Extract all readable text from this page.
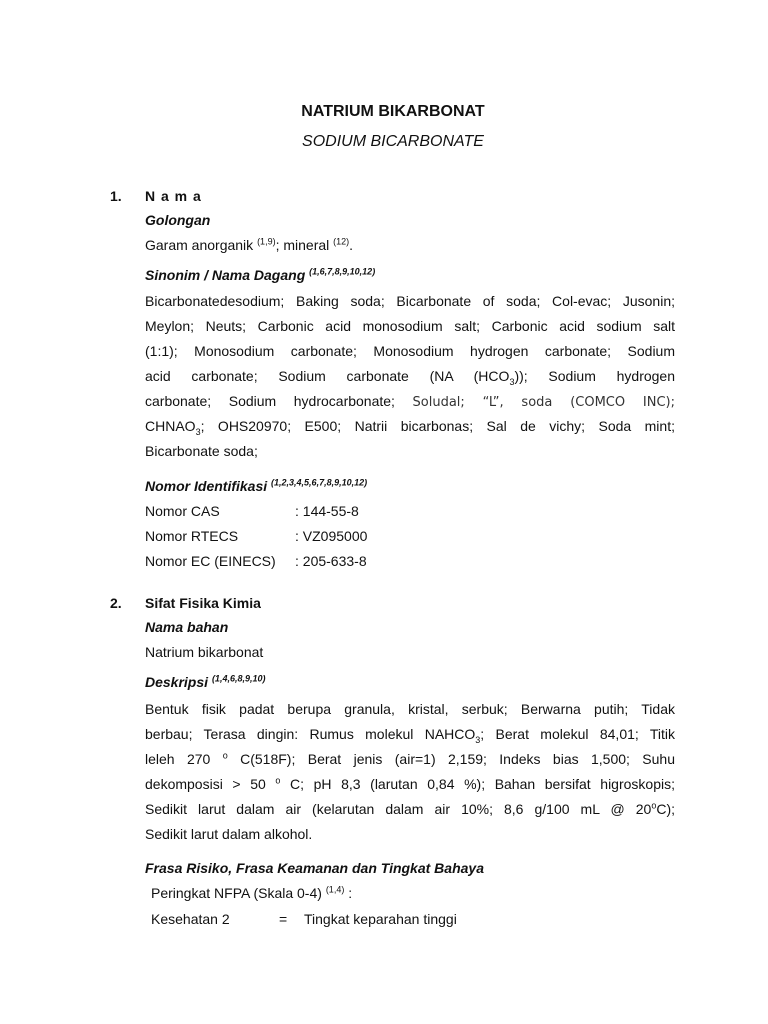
NATRIUM BIKARBONAT
SODIUM BICARBONATE
1. N a m a
Golongan
Garam anorganik $^{(1,9)}$; mineral $^{(12)}$.
Sinonim / Nama Dagang $^{(1,6,7,8,9,10,12)}$
Bicarbonatedesodium; Baking soda; Bicarbonate of soda; Col-evac; Jusonin;
Meylon; Neuts; Carbonic acid monosodium salt; Carbonic acid sodium salt
(1:1); Monosodium carbonate; Monosodium hydrogen carbonate; Sodium
acid carbonate; Sodium carbonate (NA $(HCO_3)$); Sodium hydrogen
carbonate; Sodium hydrocarbonate; Soludal; “L”, soda (COMCO INC);
$CHNAO_3$; OHS20970; E500; Natrii bicarbonas; Sal de vichy; Soda mint;
Bicarbonate soda;
Nomor Identifikasi $^{(1,2,3,4,5,6,7,8,9,10,12)}$
Nomor CAS	: 144-55-8
Nomor RTECS	: VZ095000
Nomor EC (EINECS) : 205-633-8
2. Sifat Fisika Kimia
Nama bahan
Natrium bikarbonat
Deskripsi $^{(1,4,6,8,9,10)}$
Bentuk fisik padat berupa granula, kristal, serbuk; Berwarna putih; Tidak
berbau; Terasa dingin: Rumus molekul $NAHCO_3$; Berat molekul 84,01; Titik
leleh 270 $^o$ C(518F); Berat jenis (air=1) 2,159; Indeks bias 1,500; Suhu
dekomposisi > 50 $^o$ C; pH 8,3 (larutan 0,84 %); Bahan bersifat higroskopis;
Sedikit larut dalam air (kelarutan dalam air 10%; 8,6 g/100 mL @ 20$^o$C);
Sedikit larut dalam alkohol.
Frasa Risiko, Frasa Keamanan dan Tingkat Bahaya
Peringkat NFPA (Skala 0-4) $^{(1,4)}$ :
Kesehatan 2	= Tingkat keparahan tinggi
